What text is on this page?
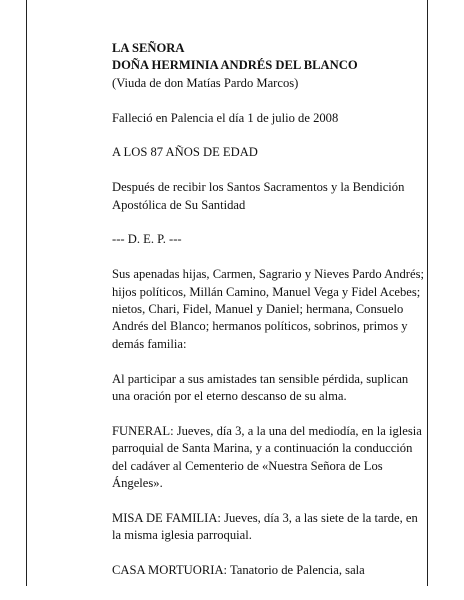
LA SEÑORA
DOÑA HERMINIA ANDRÉS DEL BLANCO
(Viuda de don Matías Pardo Marcos)

Falleció en Palencia el día 1 de julio de 2008

A LOS 87 AÑOS DE EDAD

Después de recibir los Santos Sacramentos y la Bendición Apostólica de Su Santidad

--- D. E. P. ---

Sus apenadas hijas, Carmen, Sagrario y Nieves Pardo Andrés; hijos políticos, Millán Camino, Manuel Vega y Fidel Acebes; nietos, Chari, Fidel, Manuel y Daniel; hermana, Consuelo Andrés del Blanco; hermanos políticos, sobrinos, primos y demás familia:

Al participar a sus amistades tan sensible pérdida, suplican una oración por el eterno descanso de su alma.

FUNERAL: Jueves, día 3, a la una del mediodía, en la iglesia parroquial de Santa Marina, y a continuación la conducción del cadáver al Cementerio de «Nuestra Señora de Los Ángeles».

MISA DE FAMILIA: Jueves, día 3, a las siete de la tarde, en la misma iglesia parroquial.

CASA MORTUORIA: Tanatorio de Palencia, sala
